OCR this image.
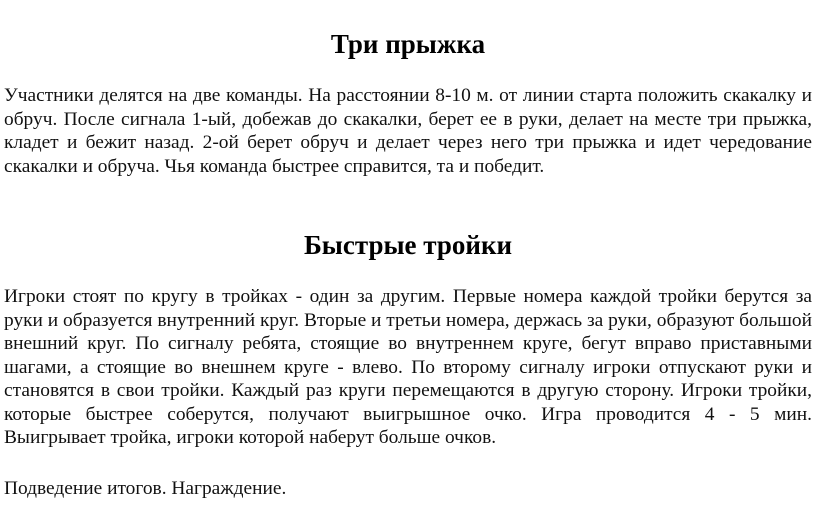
Три прыжка

Участники делятся на две команды. На расстоянии 8-10 м. от линии старта положить скакалку и обруч. После сигнала 1-ый, добежав до скакалки, берет ее в руки, делает на месте три прыжка, кладет и бежит назад. 2-ой берет обруч и делает через него три прыжка и идет чередование скакалки и обруча. Чья команда быстрее справится, та и победит.

Быстрые тройки

Игроки стоят по кругу в тройках - один за другим. Первые номера каждой тройки берутся за руки и образуется внутренний круг. Вторые и третьи номера, держась за руки, образуют большой внешний круг. По сигналу ребята, стоящие во внутреннем круге, бегут вправо приставными шагами, а стоящие во внешнем круге - влево. По второму сигналу игроки отпускают руки и становятся в свои тройки. Каждый раз круги перемещаются в другую сторону. Игроки тройки, которые быстрее соберутся, получают выигрышное очко. Игра проводится 4 - 5 мин. Выигрывает тройка, игроки которой наберут больше очков.

Подведение итогов. Награждение.
